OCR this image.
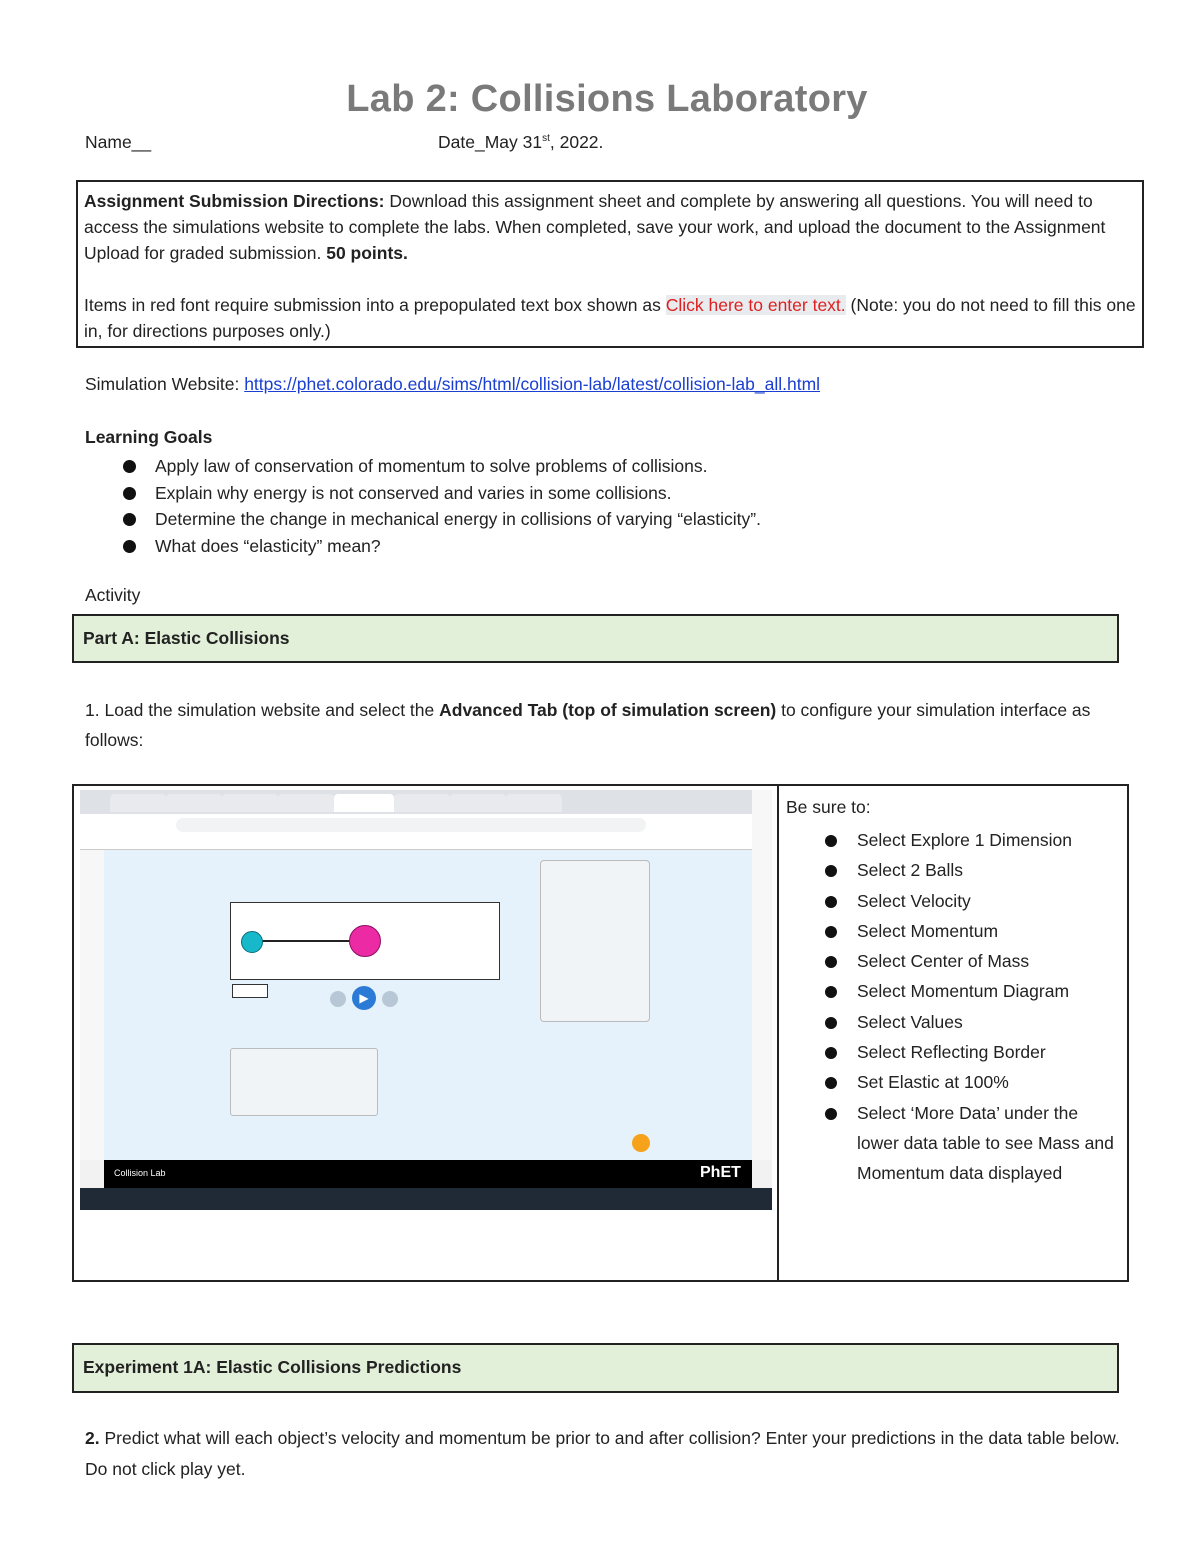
Lab 2: Collisions Laboratory
Name__	Date_May 31st, 2022.

Assignment Submission Directions: Download this assignment sheet and complete by answering all questions. You will need to access the simulations website to complete the labs. When completed, save your work, and upload the document to the Assignment Upload for graded submission. 50 points.

Items in red font require submission into a prepopulated text box shown as Click here to enter text. (Note: you do not need to fill this one in, for directions purposes only.)

Simulation Website: https://phet.colorado.edu/sims/html/collision-lab/latest/collision-lab_all.html
Learning Goals
Apply law of conservation of momentum to solve problems of collisions.
Explain why energy is not conserved and varies in some collisions.
Determine the change in mechanical energy in collisions of varying “elasticity”.
What does “elasticity” mean?
Activity
Part A: Elastic Collisions
1. Load the simulation website and select the Advanced Tab (top of simulation screen) to configure your simulation interface as follows:
▶
Collision Lab	PhET
Be sure to:
Select Explore 1 Dimension
Select 2 Balls
Select Velocity
Select Momentum
Select Center of Mass
Select Momentum Diagram
Select Values
Select Reflecting Border
Set Elastic at 100%
Select ‘More Data’ under the lower data table to see Mass and Momentum data displayed
Experiment 1A: Elastic Collisions Predictions
2. Predict what will each object’s velocity and momentum be prior to and after collision? Enter your predictions in the data table below. Do not click play yet.
